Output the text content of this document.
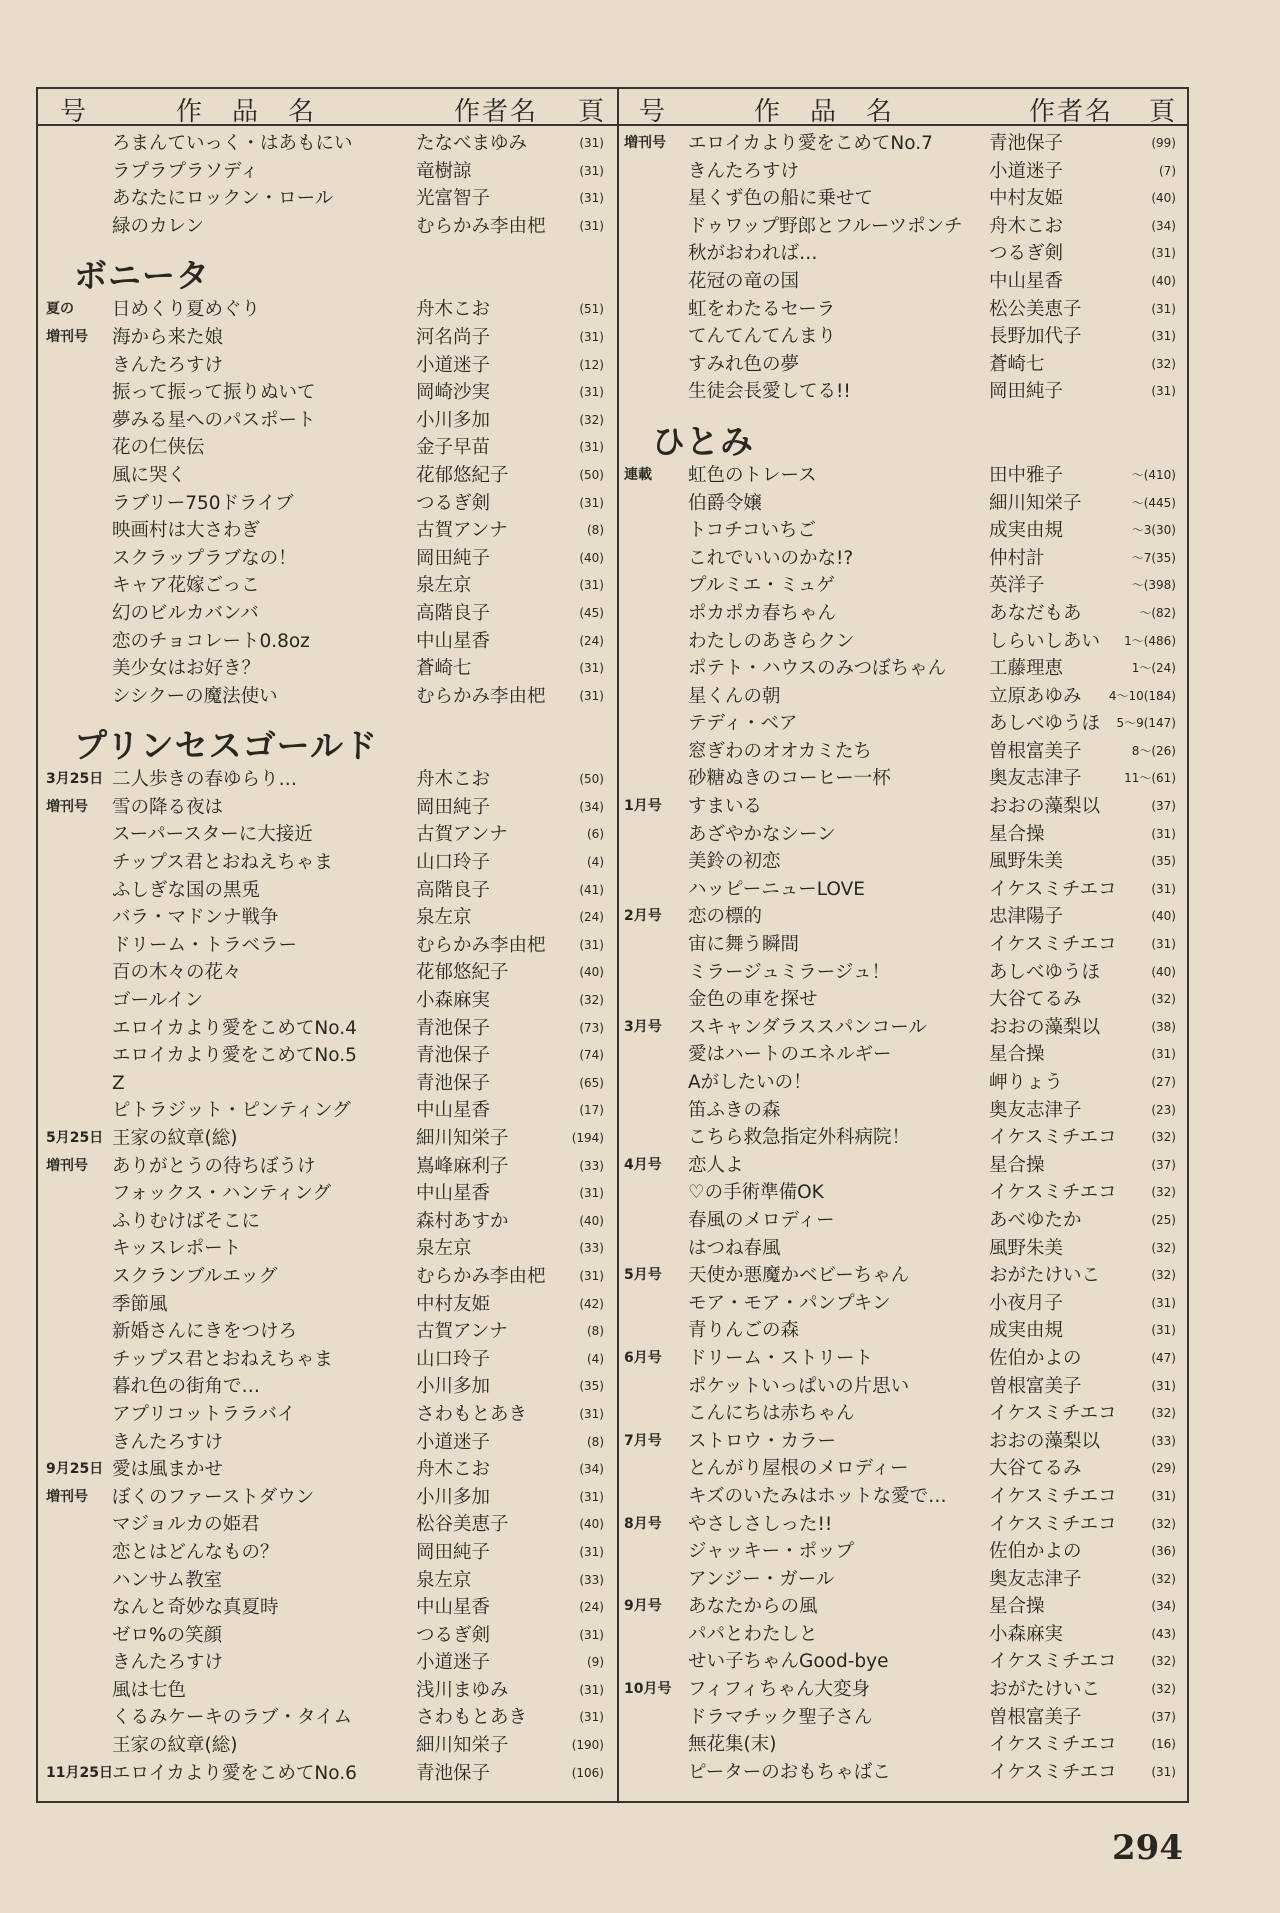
号	作　品　名	作者名 頁 号	作　品　名	作者名 頁
ろまんていっく・はあもにい	たなべまゆみ	(31)
ラプラプラソディ	竜樹諒	(31)
あなたにロックン・ロール	光富智子	(31)
緑のカレン	むらかみ李由杷	(31)
ボニータ
夏の 日めくり夏めぐり	舟木こお	(51)
増刊号 海から来た娘	河名尚子	(31)
きんたろすけ	小道迷子	(12)
振って振って振りぬいて	岡崎沙実	(31)
夢みる星へのパスポート	小川多加	(32)
花の仁侠伝	金子早苗	(31)
風に哭く	花郁悠紀子	(50)
ラブリー750ドライブ	つるぎ剣	(31)
映画村は大さわぎ	古賀アンナ	(8)
スクラップラブなの！	岡田純子	(40)
キャア花嫁ごっこ	泉左京	(31)
幻のビルカバンバ	高階良子	(45)
恋のチョコレート0.8oz	中山星香	(24)
美少女はお好き？	蒼崎七	(31)
シシクーの魔法使い	むらかみ李由杷	(31)
プリンセスゴールド
3月25日 二人歩きの春ゆらり…	舟木こお	(50)
増刊号 雪の降る夜は	岡田純子	(34)
スーパースターに大接近	古賀アンナ	(6)
チップス君とおねえちゃま	山口玲子	(4)
ふしぎな国の黒兎	高階良子	(41)
バラ・マドンナ戦争	泉左京	(24)
ドリーム・トラベラー	むらかみ李由杷	(31)
百の木々の花々	花郁悠紀子	(40)
ゴールイン	小森麻実	(32)
エロイカより愛をこめてNo.4	青池保子	(73)
エロイカより愛をこめてNo.5	青池保子	(74)
Z	青池保子	(65)
ピトラジット・ピンティング	中山星香	(17)
5月25日 王家の紋章(総)	細川知栄子	(194)
増刊号 ありがとうの待ちぼうけ	嶌峰麻利子	(33)
フォックス・ハンティング	中山星香	(31)
ふりむけばそこに	森村あすか	(40)
キッスレポート	泉左京	(33)
スクランブルエッグ	むらかみ李由杷	(31)
季節風	中村友姫	(42)
新婚さんにきをつけろ	古賀アンナ	(8)
チップス君とおねえちゃま	山口玲子	(4)
暮れ色の街角で…	小川多加	(35)
アプリコットララバイ	さわもとあき	(31)
きんたろすけ	小道迷子	(8)
9月25日 愛は風まかせ	舟木こお	(34)
増刊号 ぼくのファーストダウン	小川多加	(31)
マジョルカの姫君	松谷美恵子	(40)
恋とはどんなもの？	岡田純子	(31)
ハンサム教室	泉左京	(33)
なんと奇妙な真夏時	中山星香	(24)
ゼロ%の笑顔	つるぎ剣	(31)
きんたろすけ	小道迷子	(9)
風は七色	浅川まゆみ	(31)
くるみケーキのラブ・タイム	さわもとあき	(31)
王家の紋章(総)	細川知栄子	(190)
11月25日 エロイカより愛をこめてNo.6	青池保子	(106)
増刊号 エロイカより愛をこめてNo.7	青池保子	(99)
きんたろすけ	小道迷子	(7)
星くず色の船に乗せて	中村友姫	(40)
ドゥワップ野郎とフルーツポンチ 舟木こお	(34)
秋がおわれば…	つるぎ剣	(31)
花冠の竜の国	中山星香	(40)
虹をわたるセーラ	松公美恵子	(31)
てんてんてんまり	長野加代子	(31)
すみれ色の夢	蒼崎七	(32)
生徒会長愛してる!!	岡田純子	(31)
ひとみ
連載 虹色のトレース	田中雅子	～(410)
伯爵令嬢	細川知栄子	～(445)
トコチコいちご	成実由規	～3(30)
これでいいのかな!?	仲村計	～7(35)
プルミエ・ミュゲ	英洋子	～(398)
ポカポカ春ちゃん	あなだもあ	～(82)
わたしのあきらクン	しらいしあい 1～(486)
ポテト・ハウスのみつぼちゃん 工藤理恵	1～(24)
星くんの朝	立原あゆみ 4～10(184)
テディ・ベア	あしべゆうほ 5～9(147)
窓ぎわのオオカミたち	曽根富美子	8～(26)
砂糖ぬきのコーヒー一杯	奥友志津子	11～(61)
1月号 すまいる	おおの藻梨以	(37)
あざやかなシーン	星合操	(31)
美鈴の初恋	風野朱美	(35)
ハッピーニューLOVE	イケスミチエコ	(31)
2月号 恋の標的	忠津陽子	(40)
宙に舞う瞬間	イケスミチエコ	(31)
ミラージュミラージュ！	あしべゆうほ	(40)
金色の車を探せ	大谷てるみ	(32)
3月号 スキャンダラススパンコール	おおの藻梨以	(38)
愛はハートのエネルギー	星合操	(31)
Aがしたいの！	岬りょう	(27)
笛ふきの森	奥友志津子	(23)
こちら救急指定外科病院！	イケスミチエコ	(32)
4月号 恋人よ	星合操	(37)
♡の手術準備OK	イケスミチエコ	(32)
春風のメロディー	あべゆたか	(25)
はつね春風	風野朱美	(32)
5月号 天使か悪魔かベビーちゃん	おがたけいこ	(32)
モア・モア・パンプキン	小夜月子	(31)
青りんごの森	成実由規	(31)
6月号 ドリーム・ストリート	佐伯かよの	(47)
ポケットいっぱいの片思い	曽根富美子	(31)
こんにちは赤ちゃん	イケスミチエコ	(32)
7月号 ストロウ・カラー	おおの藻梨以	(33)
とんがり屋根のメロディー	大谷てるみ	(29)
キズのいたみはホットな愛で… イケスミチエコ	(31)
8月号 やさしさしった!!	イケスミチエコ	(32)
ジャッキー・ポップ	佐伯かよの	(36)
アンジー・ガール	奥友志津子	(32)
9月号 あなたからの風	星合操	(34)
パパとわたしと	小森麻実	(43)
せい子ちゃんGood-bye	イケスミチエコ	(32)
10月号 フィフィちゃん大変身	おがたけいこ	(32)
ドラマチック聖子さん	曽根富美子	(37)
無花集(末)	イケスミチエコ	(16)
ピーターのおもちゃばこ	イケスミチエコ	(31)
294
